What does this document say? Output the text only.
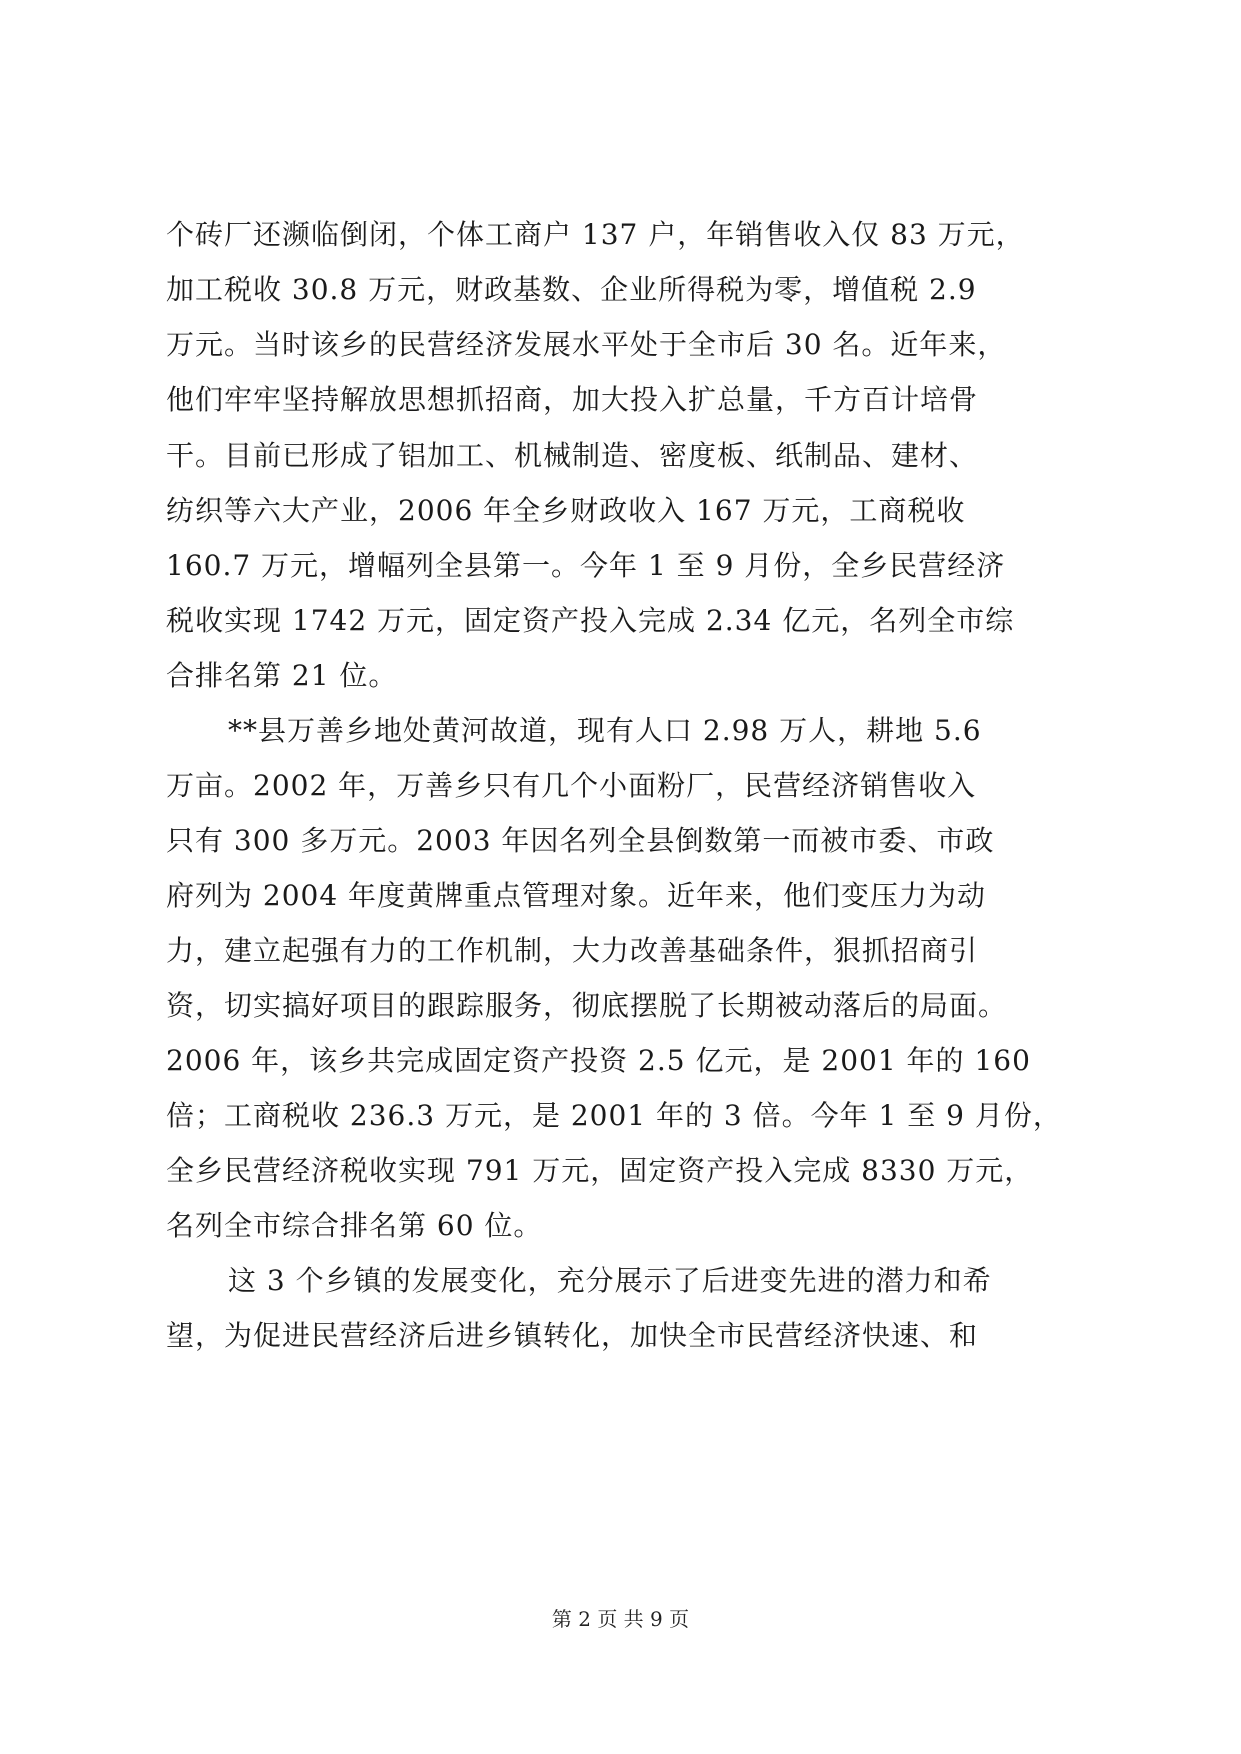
个砖厂还濒临倒闭，个体工商户 137 户，年销售收入仅 83 万元，
加工税收 30.8 万元，财政基数、企业所得税为零，增值税 2.9
万元。当时该乡的民营经济发展水平处于全市后 30 名。近年来，
他们牢牢坚持解放思想抓招商，加大投入扩总量，千方百计培骨
干。目前已形成了铝加工、机械制造、密度板、纸制品、建材、
纺织等六大产业，2006 年全乡财政收入 167 万元，工商税收
160.7 万元，增幅列全县第一。今年 1 至 9 月份，全乡民营经济
税收实现 1742 万元，固定资产投入完成 2.34 亿元，名列全市综
合排名第 21 位。
**县万善乡地处黄河故道，现有人口 2.98 万人，耕地 5.6
万亩。2002 年，万善乡只有几个小面粉厂，民营经济销售收入
只有 300 多万元。2003 年因名列全县倒数第一而被市委、市政
府列为 2004 年度黄牌重点管理对象。近年来，他们变压力为动
力，建立起强有力的工作机制，大力改善基础条件，狠抓招商引
资，切实搞好项目的跟踪服务，彻底摆脱了长期被动落后的局面。
2006 年，该乡共完成固定资产投资 2.5 亿元，是 2001 年的 160
倍；工商税收 236.3 万元，是 2001 年的 3 倍。今年 1 至 9 月份，
全乡民营经济税收实现 791 万元，固定资产投入完成 8330 万元，
名列全市综合排名第 60 位。
这 3 个乡镇的发展变化，充分展示了后进变先进的潜力和希
望，为促进民营经济后进乡镇转化，加快全市民营经济快速、和
第 2 页 共 9 页
